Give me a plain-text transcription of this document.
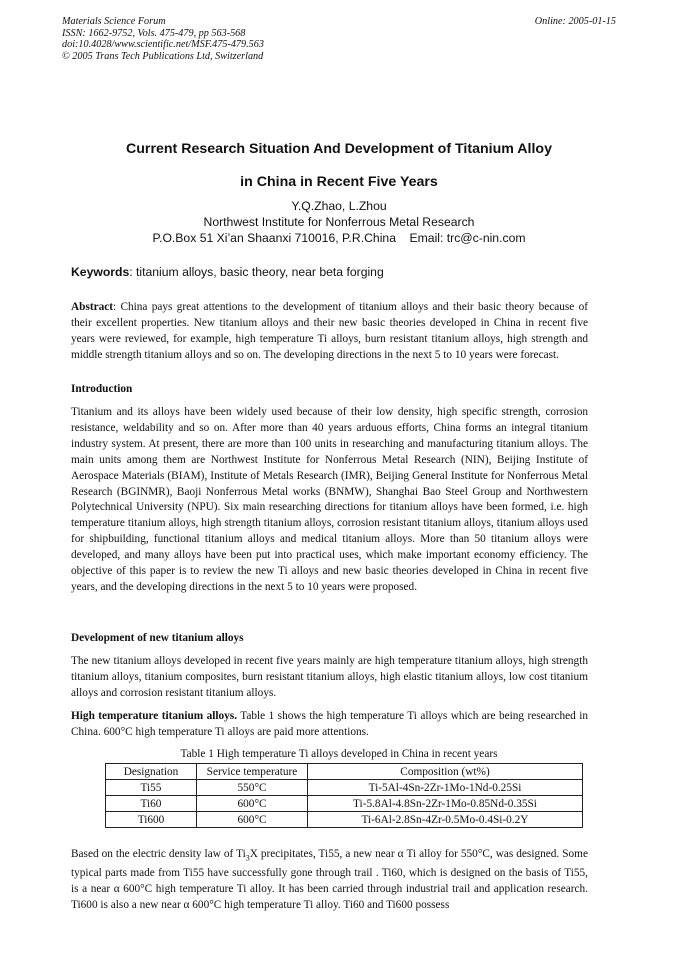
Materials Science Forum
ISSN: 1662-9752, Vols. 475-479, pp 563-568
doi:10.4028/www.scientific.net/MSF.475-479.563
© 2005 Trans Tech Publications Ltd, Switzerland
Online: 2005-01-15
Current Research Situation And Development of Titanium Alloy
in China in Recent Five Years
Y.Q.Zhao, L.Zhou
Northwest Institute for Nonferrous Metal Research
P.O.Box 51 Xi’an Shaanxi 710016, P.R.China    Email: trc@c-nin.com
Keywords: titanium alloys, basic theory, near beta forging

Abstract: China pays great attentions to the development of titanium alloys and their basic theory because of their excellent properties. New titanium alloys and their new basic theories developed in China in recent five years were reviewed, for example, high temperature Ti alloys, burn resistant titanium alloys, high strength and middle strength titanium alloys and so on. The developing directions in the next 5 to 10 years were forecast.

Introduction

Titanium and its alloys have been widely used because of their low density, high specific strength, corrosion resistance, weldability and so on. After more than 40 years arduous efforts, China forms an integral titanium industry system. At present, there are more than 100 units in researching and manufacturing titanium alloys. The main units among them are Northwest Institute for Nonferrous Metal Research (NIN), Beijing Institute of Aerospace Materials (BIAM), Institute of Metals Research (IMR), Beijing General Institute for Nonferrous Metal Research (BGINMR), Baoji Nonferrous Metal works (BNMW), Shanghai Bao Steel Group and Northwestern Polytechnical University (NPU). Six main researching directions for titanium alloys have been formed, i.e. high temperature titanium alloys, high strength titanium alloys, corrosion resistant titanium alloys, titanium alloys used for shipbuilding, functional titanium alloys and medical titanium alloys. More than 50 titanium alloys were developed, and many alloys have been put into practical uses, which make important economy efficiency. The objective of this paper is to review the new Ti alloys and new basic theories developed in China in recent five years, and the developing directions in the next 5 to 10 years were proposed.

Development of new titanium alloys

The new titanium alloys developed in recent five years mainly are high temperature titanium alloys, high strength titanium alloys, titanium composites, burn resistant titanium alloys, high elastic titanium alloys, low cost titanium alloys and corrosion resistant titanium alloys.

High temperature titanium alloys. Table 1 shows the high temperature Ti alloys which are being researched in China. 600°C high temperature Ti alloys are paid more attentions.

Table 1 High temperature Ti alloys developed in China in recent years
Designation	Service temperature	Composition (wt%)
Ti55	550°C	Ti-5Al-4Sn-2Zr-1Mo-1Nd-0.25Si
Ti60	600°C	Ti-5.8Al-4.8Sn-2Zr-1Mo-0.85Nd-0.35Si
Ti600	600°C	Ti-6Al-2.8Sn-4Zr-0.5Mo-0.4Si-0.2Y

Based on the electric density law of $Ti_3X$ precipitates, Ti55, a new near α Ti alloy for 550°C, was designed. Some typical parts made from Ti55 have successfully gone through trail . Ti60, which is designed on the basis of Ti55, is a near α 600°C high temperature Ti alloy. It has been carried through industrial trail and application research. Ti600 is also a new near α 600°C high temperature Ti alloy. Ti60 and Ti600 possess
